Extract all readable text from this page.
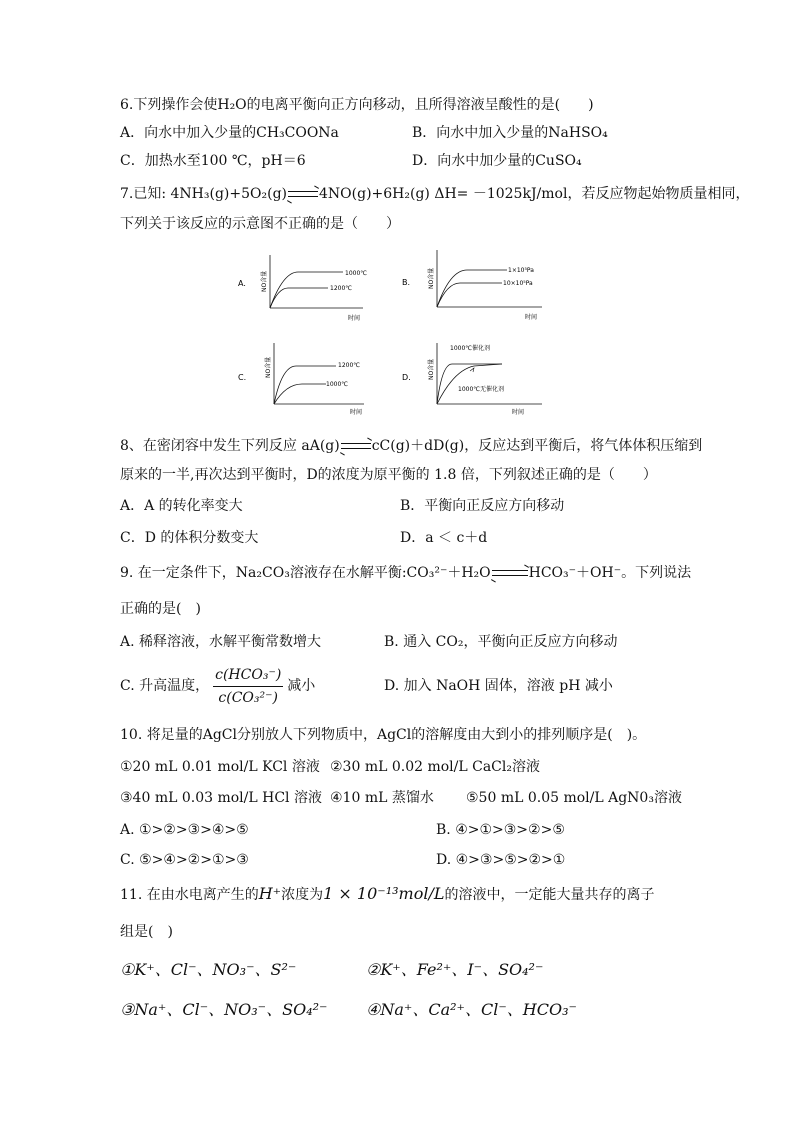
6.下列操作会使H₂O的电离平衡向正方向移动，且所得溶液呈酸性的是(　　)
A．向水中加入少量的CH₃COONa	B．向水中加入少量的NaHSO₄
C．加热水至100 ℃，pH＝6	D．向水中加少量的CuSO₄
7.已知: 4NH₃(g)+5O₂(g)→4NO(g)+6H₂(g) ΔH= －1025kJ/mol，若反应物起始物质量相同，
下列关于该反应的示意图不正确的是（　　）
A.	NO含量	1000℃
1200℃
时间
B.	NO含量	1×10⁵Pa
10×10⁵Pa
时间
C.	NO含量	1200℃
1000℃
时间
D.	NO含量
1000℃催化剂
1000℃无催化剂
时间
8、在密闭容中发生下列反应 aA(g)→cC(g)＋dD(g)，反应达到平衡后，将气体体积压缩到
原来的一半,再次达到平衡时，D的浓度为原平衡的 1.8 倍，下列叙述正确的是（　　）
A．A 的转化率变大	B．平衡向正反应方向移动
C．D 的体积分数变大	D．a ＜ c＋d
9. 在一定条件下，Na₂CO₃溶液存在水解平衡:CO₃²⁻＋H₂O→HCO₃⁻＋OH⁻。下列说法
正确的是(　)
A. 稀释溶液，水解平衡常数增大	B. 通入 CO₂，平衡向正反应方向移动
C. 升高温度， $\frac{\text{c(HCO₃⁻)}}{\text{c(CO₃²⁻)}}$ 减小	D. 加入 NaOH 固体，溶液 pH 减小
10. 将足量的AgCl分别放人下列物质中，AgCl的溶解度由大到小的排列顺序是(　)。
①20 mL 0.01 mol/L KCl 溶液 ②30 mL 0.02 mol/L CaCl₂溶液
③40 mL 0.03 mol/L HCl 溶液 ④10 mL 蒸馏水 ⑤50 mL 0.05 mol/L AgN0₃溶液
A. ①>②>③>④>⑤	B. ④>①>③>②>⑤
C. ⑤>④>②>①>③	D. ④>③>⑤>②>①
11. 在由水电离产生的H⁺浓度为1 × 10⁻¹³mol/L的溶液中，一定能大量共存的离子
组是(　)
①K⁺、Cl⁻、NO₃⁻、S²⁻	②K⁺、Fe²⁺、I⁻、SO₄²⁻
③Na⁺、Cl⁻、NO₃⁻、SO₄²⁻ ④Na⁺、Ca²⁺、Cl⁻、HCO₃⁻
